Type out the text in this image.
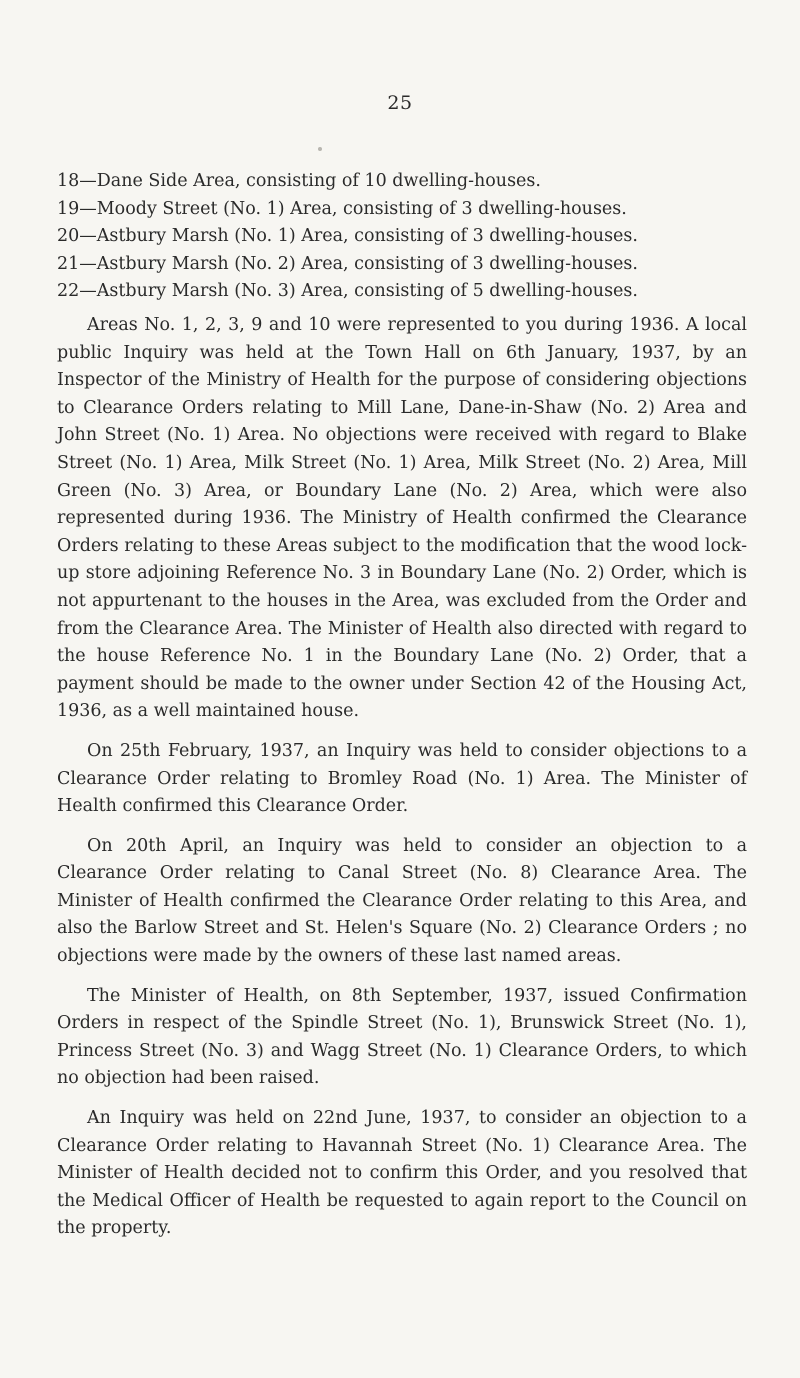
25
18—Dane Side Area, consisting of 10 dwelling-houses.
19—Moody Street (No. 1) Area, consisting of 3 dwelling-houses.
20—Astbury Marsh (No. 1) Area, consisting of 3 dwelling-houses.
21—Astbury Marsh (No. 2) Area, consisting of 3 dwelling-houses.
22—Astbury Marsh (No. 3) Area, consisting of 5 dwelling-houses.

Areas No. 1, 2, 3, 9 and 10 were represented to you during 1936. A local public Inquiry was held at the Town Hall on 6th January, 1937, by an Inspector of the Ministry of Health for the purpose of considering objections to Clearance Orders relating to Mill Lane, Dane-in-Shaw (No. 2) Area and John Street (No. 1) Area. No objections were received with regard to Blake Street (No. 1) Area, Milk Street (No. 1) Area, Milk Street (No. 2) Area, Mill Green (No. 3) Area, or Boundary Lane (No. 2) Area, which were also represented during 1936. The Ministry of Health confirmed the Clearance Orders relating to these Areas subject to the modification that the wood lock-up store adjoining Reference No. 3 in Boundary Lane (No. 2) Order, which is not appurtenant to the houses in the Area, was excluded from the Order and from the Clearance Area. The Minister of Health also directed with regard to the house Reference No. 1 in the Boundary Lane (No. 2) Order, that a payment should be made to the owner under Section 42 of the Housing Act, 1936, as a well maintained house.

On 25th February, 1937, an Inquiry was held to consider objections to a Clearance Order relating to Bromley Road (No. 1) Area. The Minister of Health confirmed this Clearance Order.

On 20th April, an Inquiry was held to consider an objection to a Clearance Order relating to Canal Street (No. 8) Clearance Area. The Minister of Health confirmed the Clearance Order relating to this Area, and also the Barlow Street and St. Helen's Square (No. 2) Clearance Orders ; no objections were made by the owners of these last named areas.

The Minister of Health, on 8th September, 1937, issued Confirmation Orders in respect of the Spindle Street (No. 1), Brunswick Street (No. 1), Princess Street (No. 3) and Wagg Street (No. 1) Clearance Orders, to which no objection had been raised.

An Inquiry was held on 22nd June, 1937, to consider an objection to a Clearance Order relating to Havannah Street (No. 1) Clearance Area. The Minister of Health decided not to confirm this Order, and you resolved that the Medical Officer of Health be requested to again report to the Council on the property.
